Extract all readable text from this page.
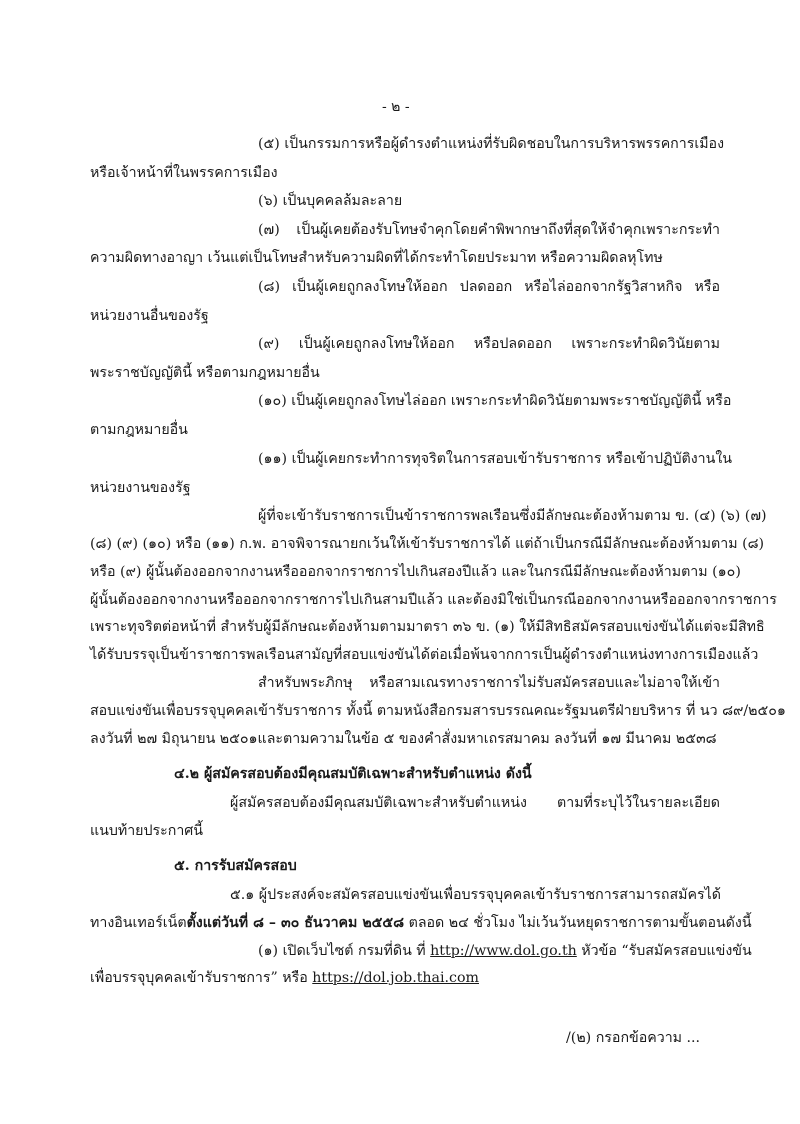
- ๒ -
(๕) เป็นกรรมการหรือผู้ดำรงตำแหน่งที่รับผิดชอบในการบริหารพรรคการเมือง
หรือเจ้าหน้าที่ในพรรคการเมือง
(๖) เป็นบุคคลล้มละลาย
(๗) เป็นผู้เคยต้องรับโทษจำคุกโดยคำพิพากษาถึงที่สุดให้จำคุกเพราะกระทำ
ความผิดทางอาญา เว้นแต่เป็นโทษสำหรับความผิดที่ได้กระทำโดยประมาท หรือความผิดลหุโทษ
(๘) เป็นผู้เคยถูกลงโทษให้ออก ปลดออก หรือไล่ออกจากรัฐวิสาหกิจ หรือ
หน่วยงานอื่นของรัฐ
(๙) เป็นผู้เคยถูกลงโทษให้ออก หรือปลดออก เพราะกระทำผิดวินัยตาม
พระราชบัญญัตินี้ หรือตามกฎหมายอื่น
(๑๐) เป็นผู้เคยถูกลงโทษไล่ออก เพราะกระทำผิดวินัยตามพระราชบัญญัตินี้ หรือ
ตามกฎหมายอื่น
(๑๑) เป็นผู้เคยกระทำการทุจริตในการสอบเข้ารับราชการ หรือเข้าปฏิบัติงานใน
หน่วยงานของรัฐ
ผู้ที่จะเข้ารับราชการเป็นข้าราชการพลเรือนซึ่งมีลักษณะต้องห้ามตาม ข. (๔) (๖) (๗)
(๘) (๙) (๑๐) หรือ (๑๑) ก.พ. อาจพิจารณายกเว้นให้เข้ารับราชการได้ แต่ถ้าเป็นกรณีมีลักษณะต้องห้ามตาม (๘)
หรือ (๙) ผู้นั้นต้องออกจากงานหรือออกจากราชการไปเกินสองปีแล้ว และในกรณีมีลักษณะต้องห้ามตาม (๑๐)
ผู้นั้นต้องออกจากงานหรือออกจากราชการไปเกินสามปีแล้ว และต้องมิใช่เป็นกรณีออกจากงานหรือออกจากราชการ
เพราะทุจริตต่อหน้าที่ สำหรับผู้มีลักษณะต้องห้ามตามมาตรา ๓๖ ข. (๑) ให้มีสิทธิสมัครสอบแข่งขันได้แต่จะมีสิทธิ
ได้รับบรรจุเป็นข้าราชการพลเรือนสามัญที่สอบแข่งขันได้ต่อเมื่อพ้นจากการเป็นผู้ดำรงตำแหน่งทางการเมืองแล้ว
สำหรับพระภิกษุ หรือสามเณรทางราชการไม่รับสมัครสอบและไม่อาจให้เข้า
สอบแข่งขันเพื่อบรรจุบุคคลเข้ารับราชการ ทั้งนี้ ตามหนังสือกรมสารบรรณคณะรัฐมนตรีฝ่ายบริหาร ที่ นว ๘๙/๒๕๐๑
ลงวันที่ ๒๗ มิถุนายน ๒๕๐๑และตามความในข้อ ๕ ของคำสั่งมหาเถรสมาคม ลงวันที่ ๑๗ มีนาคม ๒๕๓๘
๔.๒ ผู้สมัครสอบต้องมีคุณสมบัติเฉพาะสำหรับตำแหน่ง ดังนี้
ผู้สมัครสอบต้องมีคุณสมบัติเฉพาะสำหรับตำแหน่ง ตามที่ระบุไว้ในรายละเอียด
แนบท้ายประกาศนี้
๕. การรับสมัครสอบ
๕.๑ ผู้ประสงค์จะสมัครสอบแข่งขันเพื่อบรรจุบุคคลเข้ารับราชการสามารถสมัครได้
ทางอินเทอร์เน็ตตั้งแต่วันที่ ๘ – ๓๐ ธันวาคม ๒๕๕๘ ตลอด ๒๔ ชั่วโมง ไม่เว้นวันหยุดราชการตามขั้นตอนดังนี้
(๑) เปิดเว็บไซต์ กรมที่ดิน ที่ http://www.dol.go.th หัวข้อ “รับสมัครสอบแข่งขัน
เพื่อบรรจุบุคคลเข้ารับราชการ” หรือ https://dol.job.thai.com
/(๒) กรอกข้อความ ...
